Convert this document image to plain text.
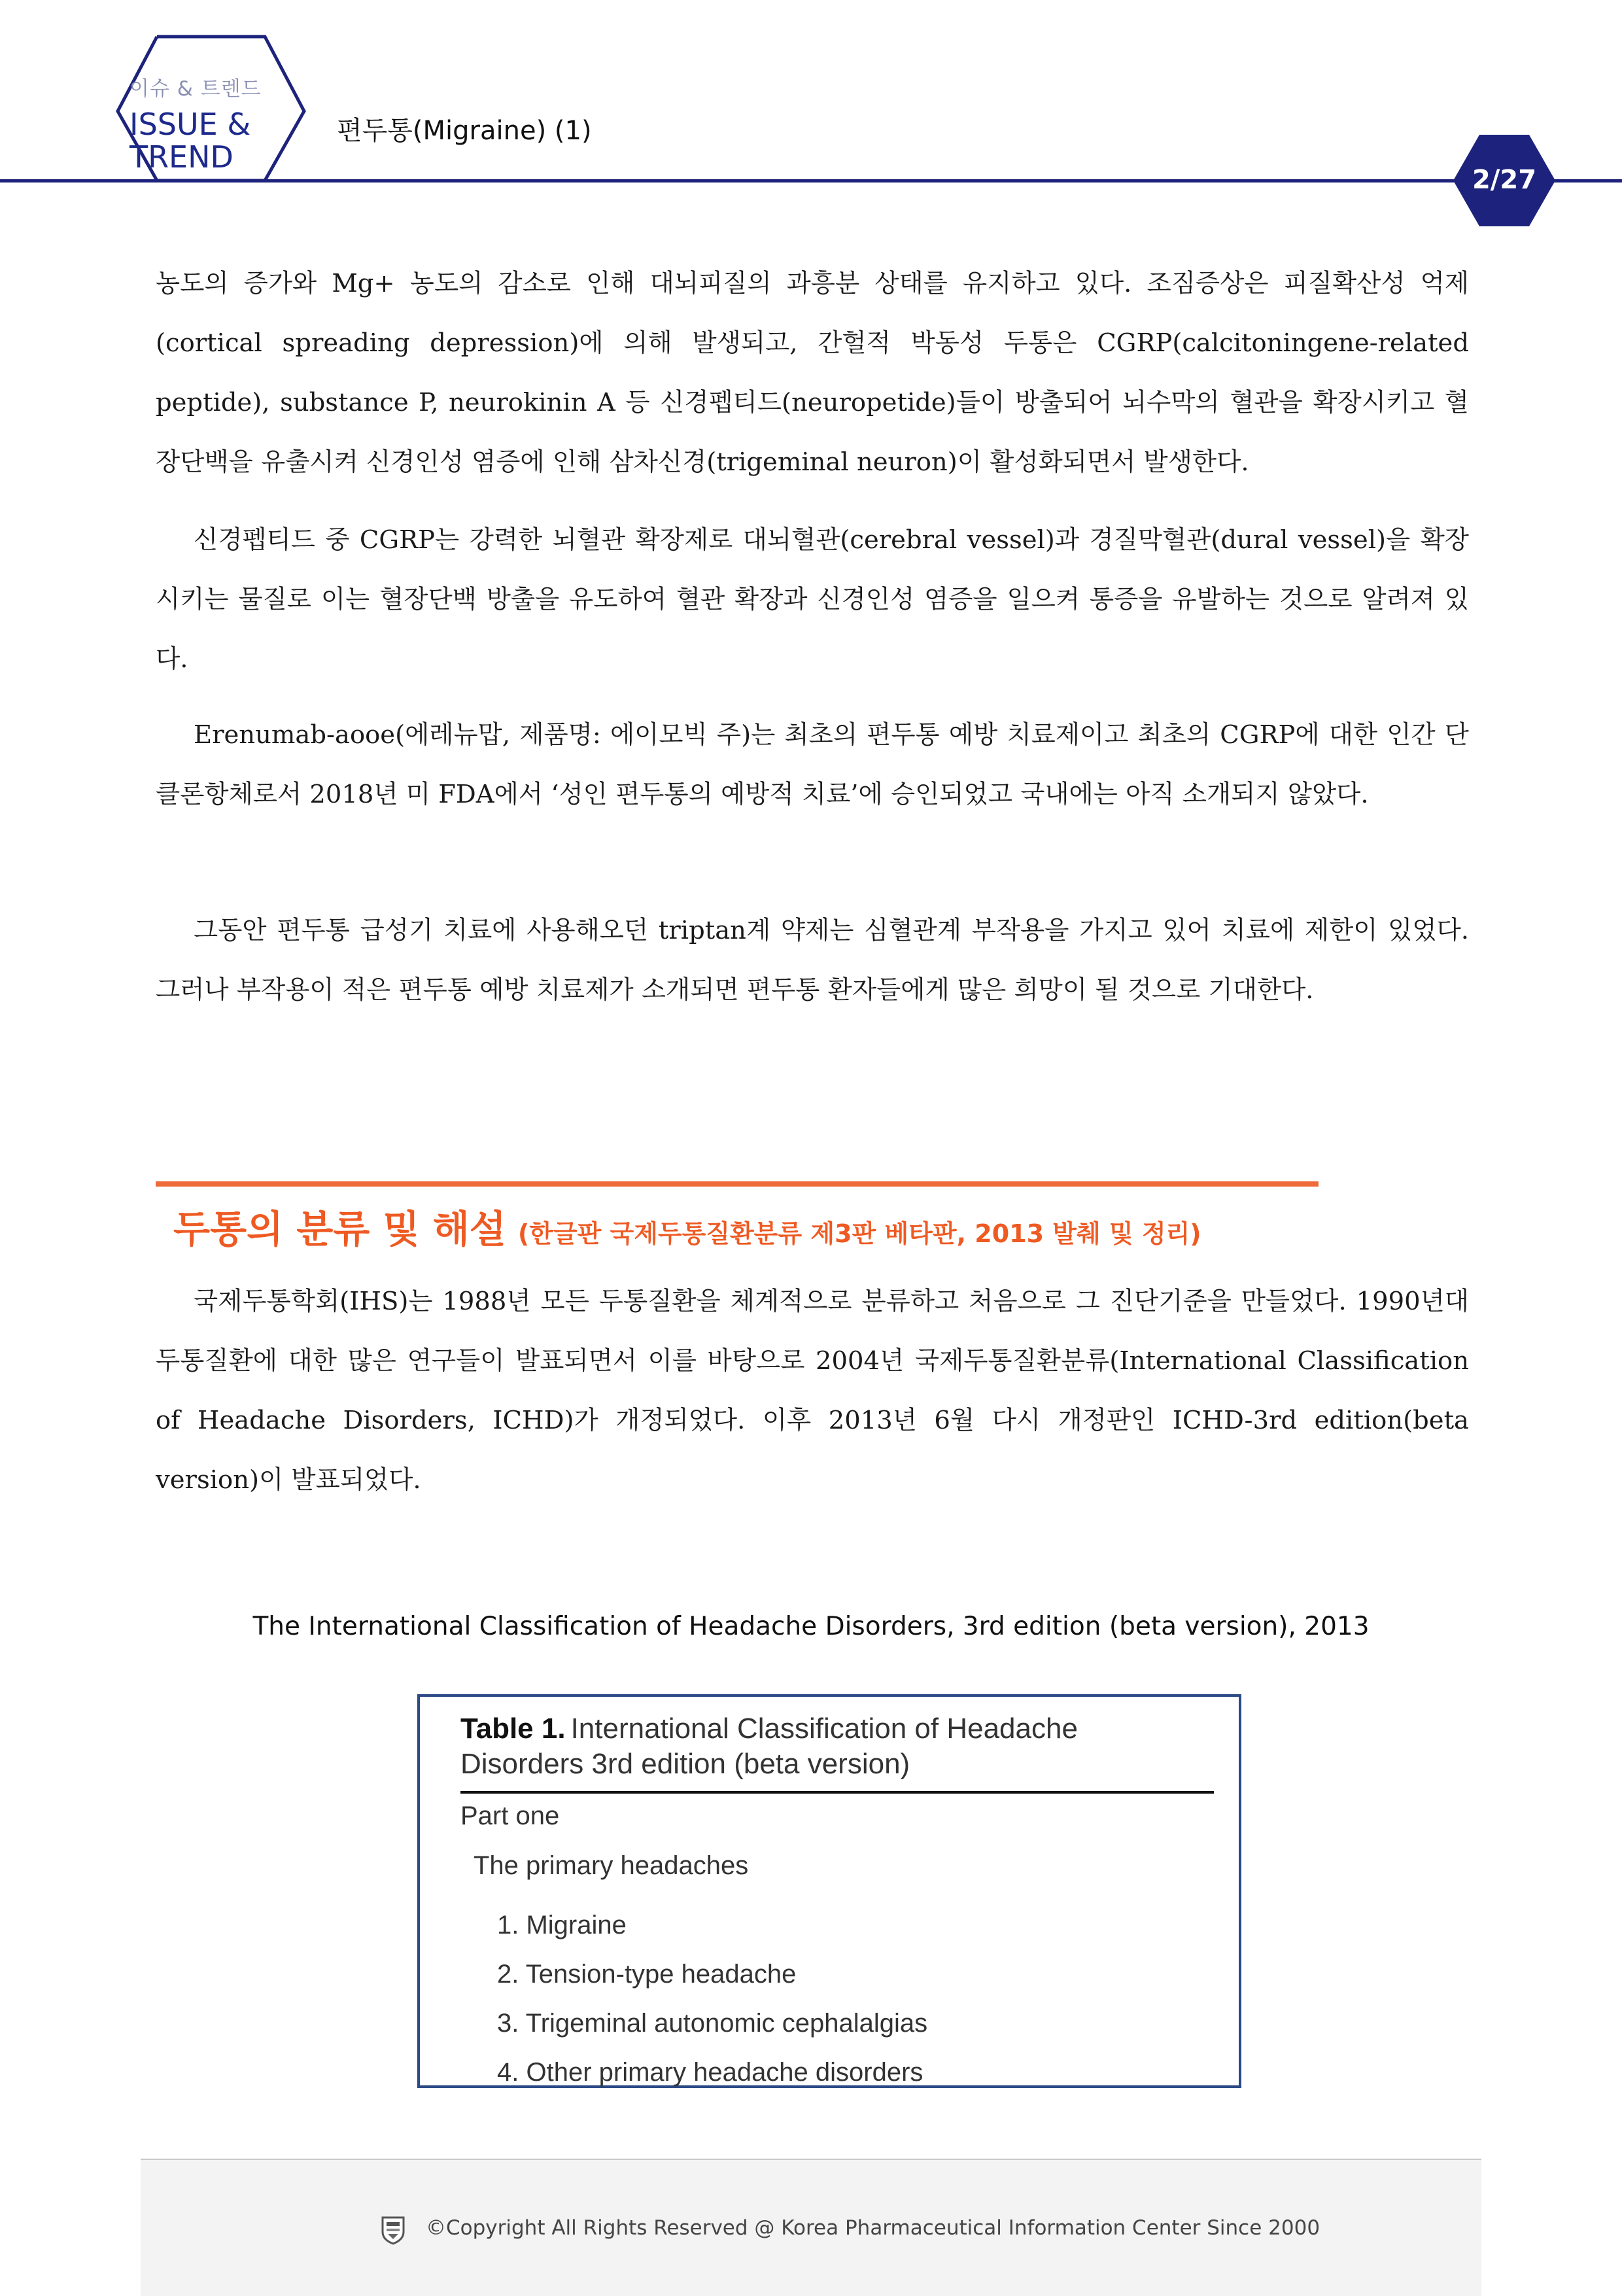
이슈 & 트렌드
ISSUE &
TREND
편두통(Migraine) (1)
2/27

농도의 증가와 Mg+ 농도의 감소로 인해 대뇌피질의 과흥분 상태를 유지하고 있다. 조짐증상은 피질확산성 억제(cortical spreading depression)에 의해 발생되고, 간헐적 박동성 두통은 CGRP(calcitoningene-related peptide), substance P, neurokinin A 등 신경펩티드(neuropetide)들이 방출되어 뇌수막의 혈관을 확장시키고 혈장단백을 유출시켜 신경인성 염증에 인해 삼차신경(trigeminal neuron)이 활성화되면서 발생한다.

신경펩티드 중 CGRP는 강력한 뇌혈관 확장제로 대뇌혈관(cerebral vessel)과 경질막혈관(dural vessel)을 확장시키는 물질로 이는 혈장단백 방출을 유도하여 혈관 확장과 신경인성 염증을 일으켜 통증을 유발하는 것으로 알려져 있다.

Erenumab-aooe(에레뉴맙, 제품명: 에이모빅 주)는 최초의 편두통 예방 치료제이고 최초의 CGRP에 대한 인간 단클론항체로서 2018년 미 FDA에서 ‘성인 편두통의 예방적 치료’에 승인되었고 국내에는 아직 소개되지 않았다.

그동안 편두통 급성기 치료에 사용해오던 triptan계 약제는 심혈관계 부작용을 가지고 있어 치료에 제한이 있었다. 그러나 부작용이 적은 편두통 예방 치료제가 소개되면 편두통 환자들에게 많은 희망이 될 것으로 기대한다.

두통의 분류 및 해설 (한글판 국제두통질환분류 제3판 베타판, 2013 발췌 및 정리)

국제두통학회(IHS)는 1988년 모든 두통질환을 체계적으로 분류하고 처음으로 그 진단기준을 만들었다. 1990년대 두통질환에 대한 많은 연구들이 발표되면서 이를 바탕으로 2004년 국제두통질환분류(International Classification of Headache Disorders, ICHD)가 개정되었다. 이후 2013년 6월 다시 개정판인 ICHD-3rd edition(beta version)이 발표되었다.

The International Classification of Headache Disorders, 3rd edition (beta version), 2013

Table 1. International Classification of Headache Disorders 3rd edition (beta version)

Part one
The primary headaches
1. Migraine
2. Tension-type headache
3. Trigeminal autonomic cephalalgias
4. Other primary headache disorders
©Copyright All Rights Reserved @ Korea Pharmaceutical Information Center Since 2000
